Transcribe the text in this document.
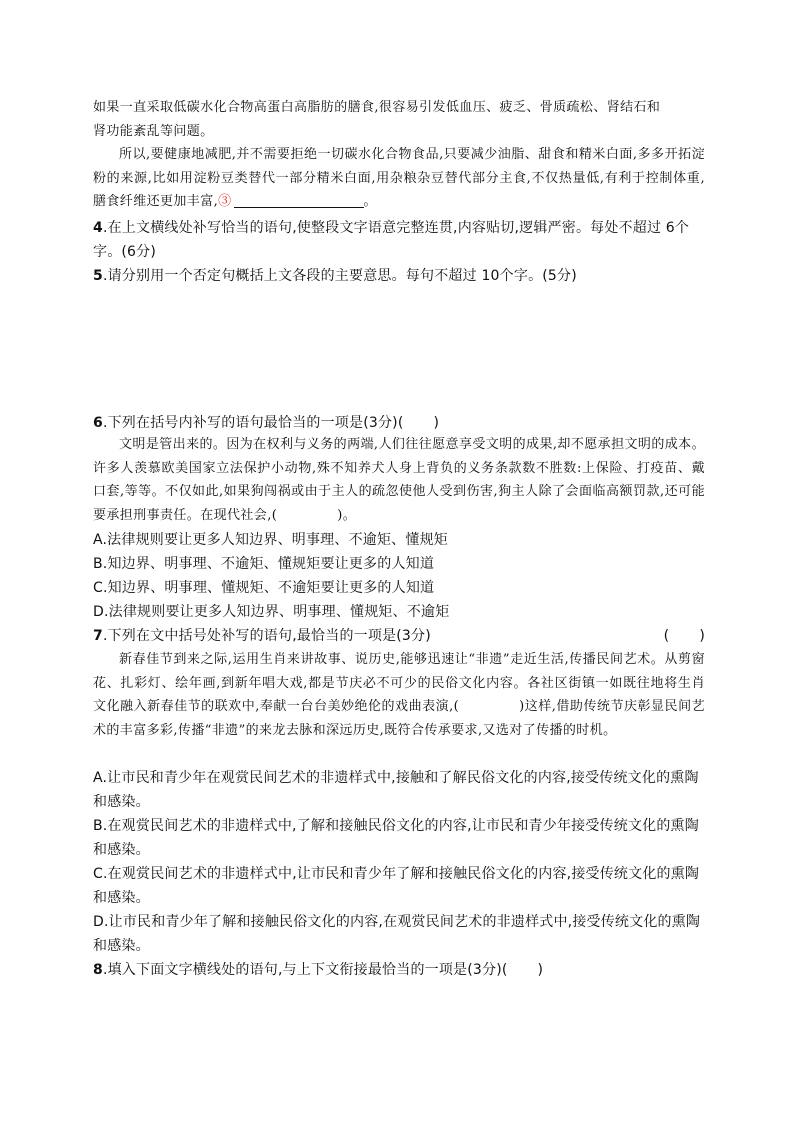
如果一直采取低碳水化合物高蛋白高脂肪的膳食,很容易引发低血压、疲乏、骨质疏松、肾结石和

肾功能紊乱等问题。

所以,要健康地减肥,并不需要拒绝一切碳水化合物食品,只要减少油脂、甜食和精米白面,多多开拓淀粉的来源,比如用淀粉豆类替代一部分精米白面,用杂粮杂豆替代部分主食,不仅热量低,有利于控制体重,膳食纤维还更加丰富,③	。

4.在上文横线处补写恰当的语句,使整段文字语意完整连贯,内容贴切,逻辑严密。每处不超过 6个字。(6分)

5.请分别用一个否定句概括上文各段的主要意思。每句不超过 10个字。(5分)

6.下列在括号内补写的语句最恰当的一项是(3分)( )

文明是管出来的。因为在权利与义务的两端,人们往往愿意享受文明的成果,却不愿承担文明的成本。许多人羡慕欧美国家立法保护小动物,殊不知养犬人身上背负的义务条款数不胜数:上保险、打疫苗、戴口套,等等。不仅如此,如果狗闯祸或由于主人的疏忽使他人受到伤害,狗主人除了会面临高额罚款,还可能要承担刑事责任。在现代社会,(	)。

A.法律规则要让更多人知边界、明事理、不逾矩、懂规矩

B.知边界、明事理、不逾矩、懂规矩要让更多的人知道

C.知边界、明事理、懂规矩、不逾矩要让更多的人知道

D.法律规则要让更多人知边界、明事理、懂规矩、不逾矩

7.下列在文中括号处补写的语句,最恰当的一项是(3分)	( )

新春佳节到来之际,运用生肖来讲故事、说历史,能够迅速让“非遗”走近生活,传播民间艺术。从剪窗花、扎彩灯、绘年画,到新年唱大戏,都是节庆必不可少的民俗文化内容。各社区街镇一如既往地将生肖文化融入新春佳节的联欢中,奉献一台台美妙绝伦的戏曲表演,(	)这样,借助传统节庆彰显民间艺术的丰富多彩,传播“非遗”的来龙去脉和深远历史,既符合传承要求,又选对了传播的时机。

A.让市民和青少年在观赏民间艺术的非遗样式中,接触和了解民俗文化的内容,接受传统文化的熏陶和感染。

B.在观赏民间艺术的非遗样式中,了解和接触民俗文化的内容,让市民和青少年接受传统文化的熏陶和感染。

C.在观赏民间艺术的非遗样式中,让市民和青少年了解和接触民俗文化的内容,接受传统文化的熏陶和感染。

D.让市民和青少年了解和接触民俗文化的内容,在观赏民间艺术的非遗样式中,接受传统文化的熏陶和感染。

8.填入下面文字横线处的语句,与上下文衔接最恰当的一项是(3分)( )
